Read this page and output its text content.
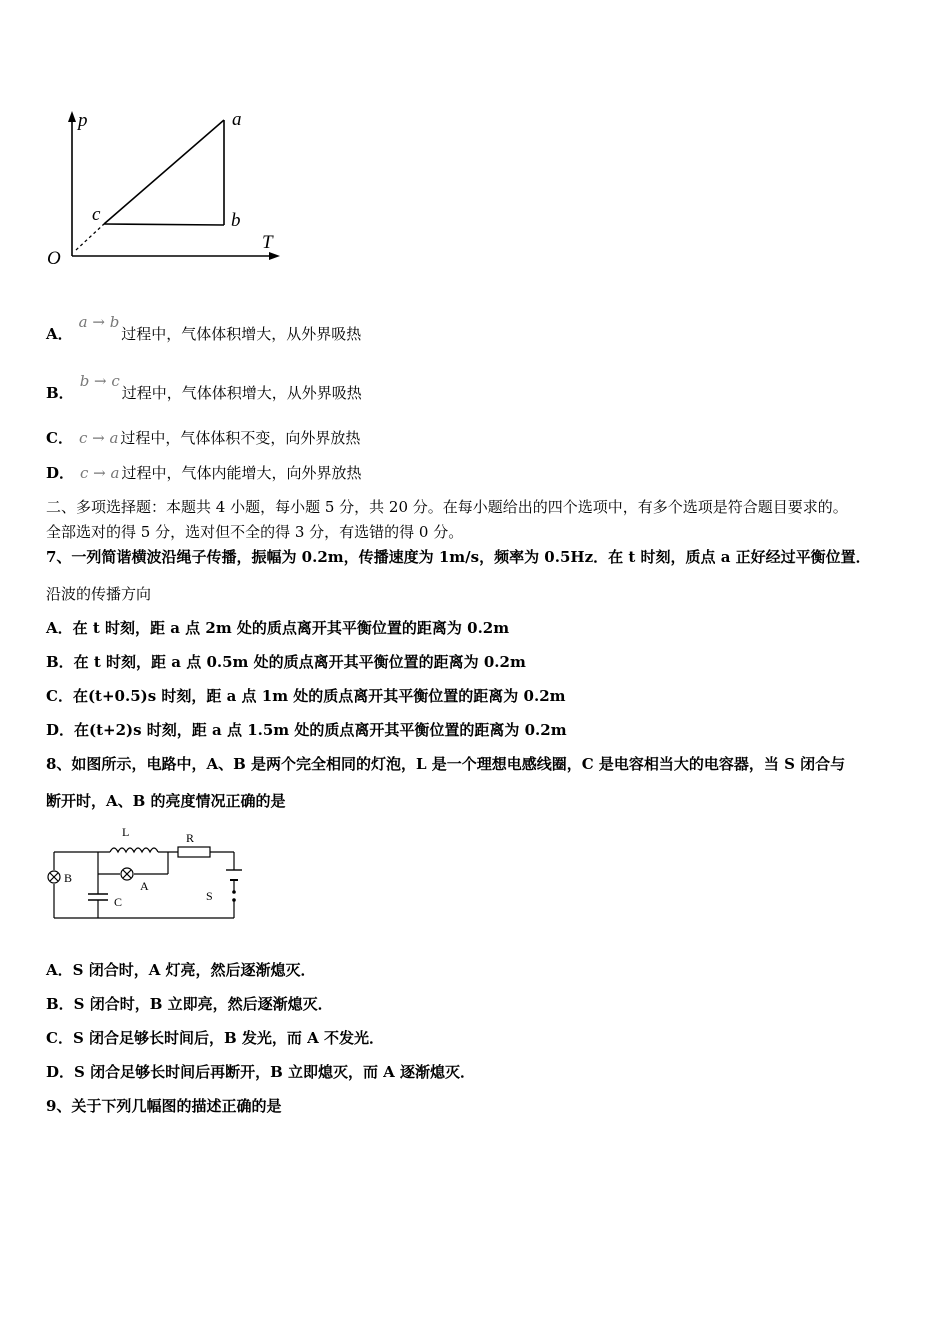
p
T
O
a
b
c
A．a → b过程中，气体体积增大，从外界吸热
B．b → c过程中，气体体积增大，从外界吸热
C． c → a 过程中，气体体积不变，向外界放热
D． c → a 过程中，气体内能增大，向外界放热
二、多项选择题：本题共 4 小题，每小题 5 分，共 20 分。在每小题给出的四个选项中，有多个选项是符合题目要求的。
全部选对的得 5 分，选对但不全的得 3 分，有选错的得 0 分。
7、一列简谐横波沿绳子传播，振幅为 0.2m，传播速度为 1m/s，频率为 0.5Hz．在 t 时刻，质点 a 正好经过平衡位置．
沿波的传播方向
A．在 t 时刻，距 a 点 2m 处的质点离开其平衡位置的距离为 0.2m
B．在 t 时刻，距 a 点 0.5m 处的质点离开其平衡位置的距离为 0.2m
C．在(t+0.5)s 时刻，距 a 点 1m 处的质点离开其平衡位置的距离为 0.2m
D．在(t+2)s 时刻，距 a 点 1.5m 处的质点离开其平衡位置的距离为 0.2m
8、如图所示，电路中，A、B 是两个完全相同的灯泡，L 是一个理想电感线圈，C 是电容相当大的电容器，当 S 闭合与
断开时，A、B 的亮度情况正确的是
L	R
A
B
C	S
A．S 闭合时，A 灯亮，然后逐渐熄灭．
B．S 闭合时，B 立即亮，然后逐渐熄灭．
C．S 闭合足够长时间后，B 发光，而 A 不发光．
D．S 闭合足够长时间后再断开，B 立即熄灭，而 A 逐渐熄灭．
9、关于下列几幅图的描述正确的是
